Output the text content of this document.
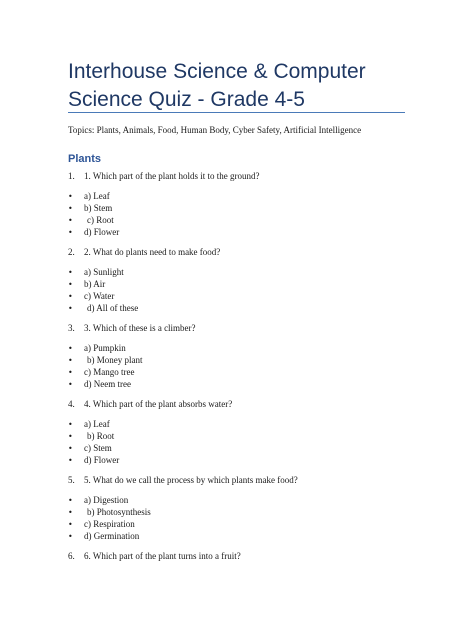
Interhouse Science & Computer Science Quiz - Grade 4-5
Topics: Plants, Animals, Food, Human Body, Cyber Safety, Artificial Intelligence
Plants
1. 1. Which part of the plant holds it to the ground?
• a) Leaf
• b) Stem
• c) Root
• d) Flower
2. 2. What do plants need to make food?
• a) Sunlight
• b) Air
• c) Water
• d) All of these
3. 3. Which of these is a climber?
• a) Pumpkin
• b) Money plant
• c) Mango tree
• d) Neem tree
4. 4. Which part of the plant absorbs water?
• a) Leaf
• b) Root
• c) Stem
• d) Flower
5. 5. What do we call the process by which plants make food?
• a) Digestion
• b) Photosynthesis
• c) Respiration
• d) Germination
6. 6. Which part of the plant turns into a fruit?
